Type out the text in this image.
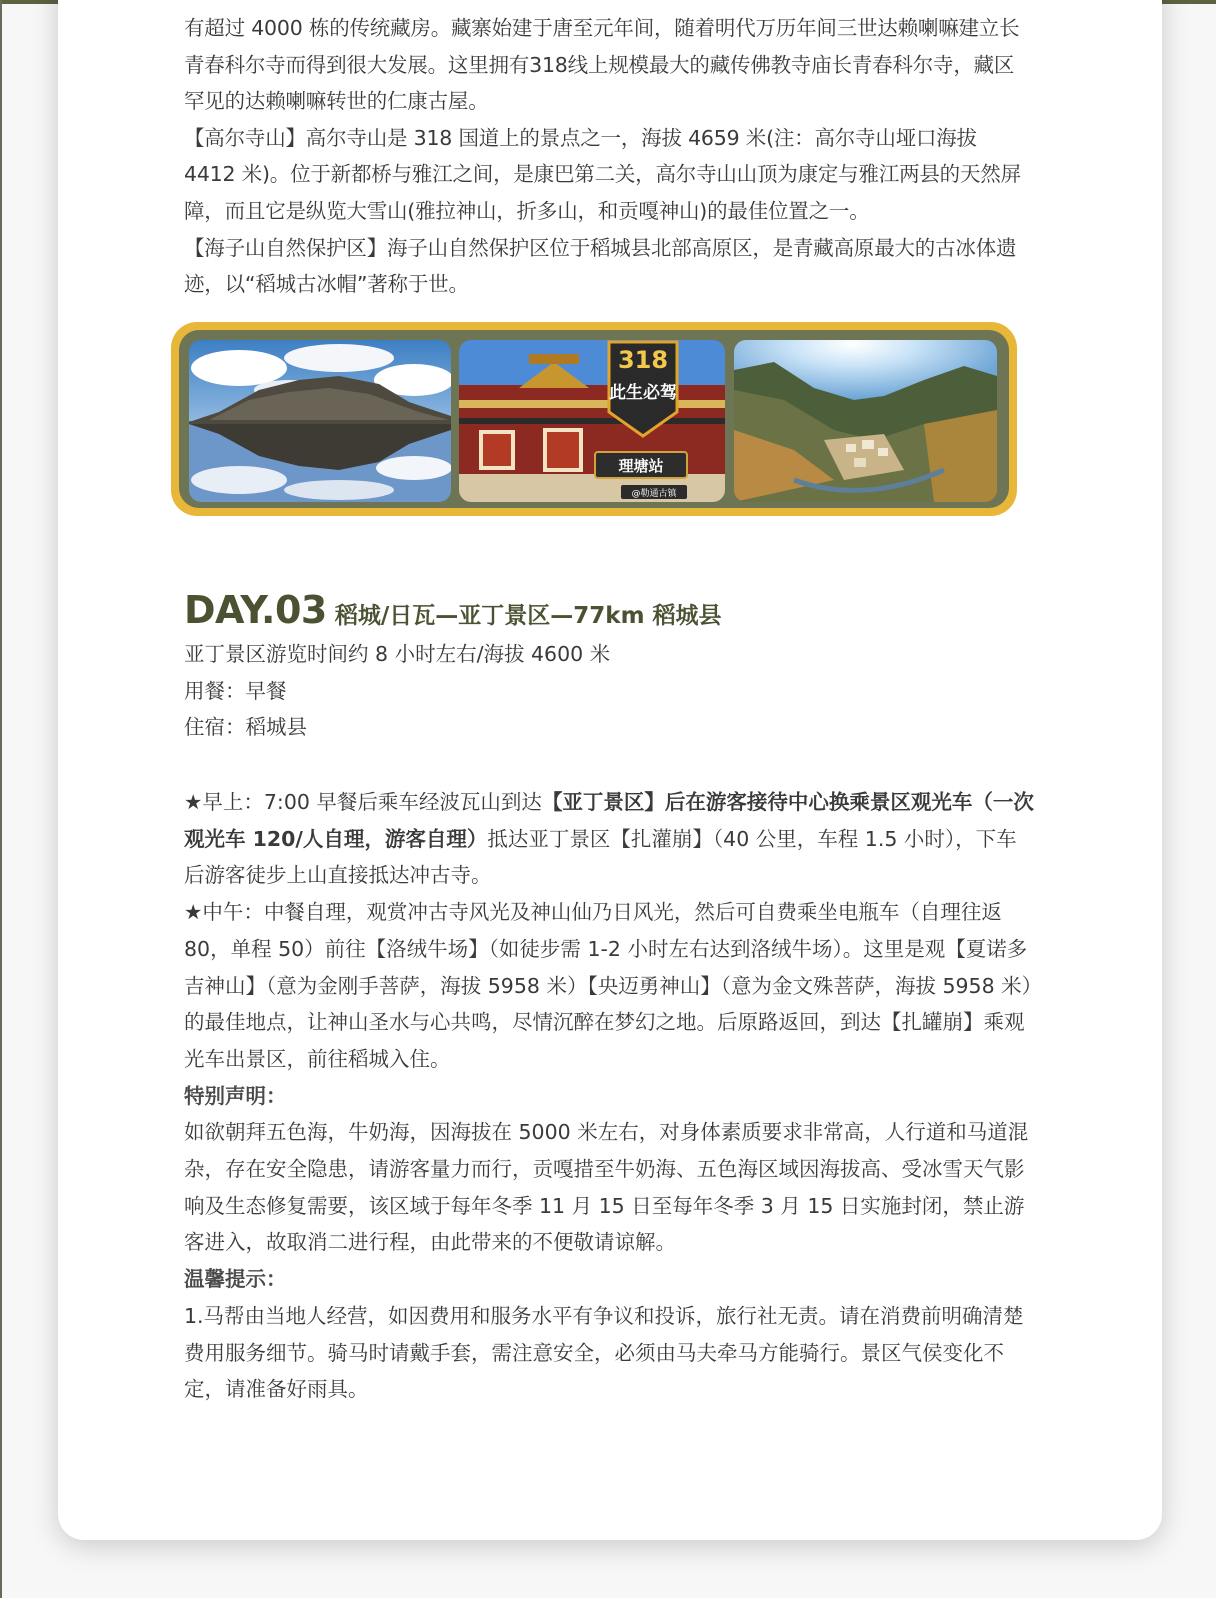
有超过 4000 栋的传统藏房。藏寨始建于唐至元年间，随着明代万历年间三世达赖喇嘛建立长青春科尔寺而得到很大发展。这里拥有318线上规模最大的藏传佛教寺庙长青春科尔寺，藏区罕见的达赖喇嘛转世的仁康古屋。

【高尔寺山】高尔寺山是 318 国道上的景点之一，海拔 4659 米(注：高尔寺山垭口海拔 4412 米)。位于新都桥与雅江之间，是康巴第二关，高尔寺山山顶为康定与雅江两县的天然屏障，而且它是纵览大雪山(雅拉神山，折多山，和贡嘎神山)的最佳位置之一。

【海子山自然保护区】海子山自然保护区位于稻城县北部高原区，是青藏高原最大的古冰体遗迹，以“稻城古冰帽”著称于世。

318
此生必驾
理塘站
@勒通古镇
DAY.03 稻城/日瓦—亚丁景区—77km 稻城县

亚丁景区游览时间约 8 小时左右/海拔 4600 米

用餐：早餐

住宿：稻城县

★早上：7:00 早餐后乘车经波瓦山到达【亚丁景区】后在游客接待中心换乘景区观光车（一次观光车 120/人自理，游客自理）抵达亚丁景区【扎灌崩】（40 公里，车程 1.5 小时），下车后游客徒步上山直接抵达冲古寺。

★中午：中餐自理，观赏冲古寺风光及神山仙乃日风光，然后可自费乘坐电瓶车（自理往返 80，单程 50）前往【洛绒牛场】（如徒步需 1-2 小时左右达到洛绒牛场）。这里是观【夏诺多吉神山】（意为金刚手菩萨，海拔 5958 米）【央迈勇神山】（意为金文殊菩萨，海拔 5958 米）的最佳地点，让神山圣水与心共鸣，尽情沉醉在梦幻之地。后原路返回，到达【扎罐崩】乘观光车出景区，前往稻城入住。

特别声明：

如欲朝拜五色海，牛奶海，因海拔在 5000 米左右，对身体素质要求非常高，人行道和马道混杂，存在安全隐患，请游客量力而行，贡嘎措至牛奶海、五色海区域因海拔高、受冰雪天气影响及生态修复需要，该区域于每年冬季 11 月 15 日至每年冬季 3 月 15 日实施封闭，禁止游客进入，故取消二进行程，由此带来的不便敬请谅解。

温馨提示：

1.马帮由当地人经营，如因费用和服务水平有争议和投诉，旅行社无责。请在消费前明确清楚费用服务细节。骑马时请戴手套，需注意安全，必须由马夫牵马方能骑行。景区气侯变化不定，请准备好雨具。
